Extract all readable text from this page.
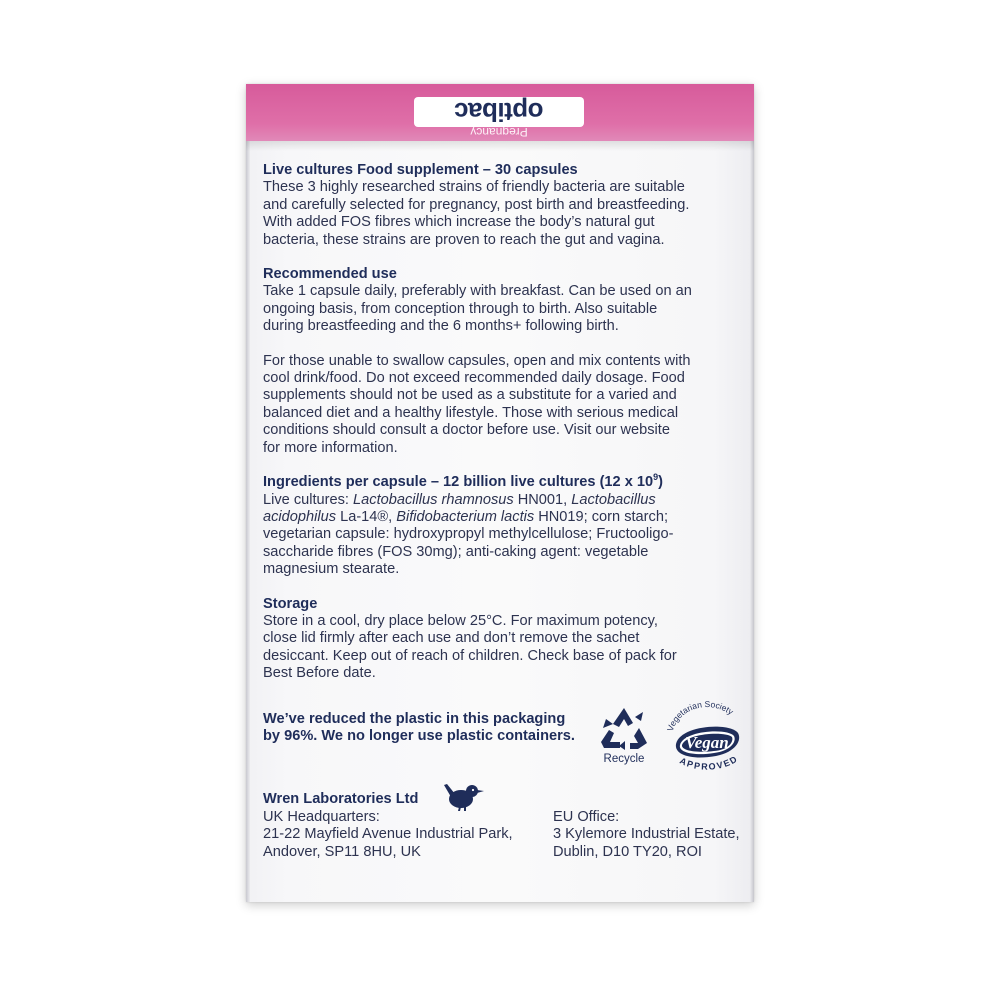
optibac
Pregnancy
Live cultures Food supplement – 30 capsules
These 3 highly researched strains of friendly bacteria are suitable
and carefully selected for pregnancy, post birth and breastfeeding.
With added FOS fibres which increase the body’s natural gut
bacteria, these strains are proven to reach the gut and vagina.
Recommended use
Take 1 capsule daily, preferably with breakfast. Can be used on an
ongoing basis, from conception through to birth. Also suitable
during breastfeeding and the 6 months+ following birth.
For those unable to swallow capsules, open and mix contents with
cool drink/food. Do not exceed recommended daily dosage. Food
supplements should not be used as a substitute for a varied and
balanced diet and a healthy lifestyle. Those with serious medical
conditions should consult a doctor before use. Visit our website
for more information.
Ingredients per capsule – 12 billion live cultures (12 x $10^9$)
Live cultures: Lactobacillus rhamnosus HN001, Lactobacillus
acidophilus La-14®, Bifidobacterium lactis HN019; corn starch;
vegetarian capsule: hydroxypropyl methylcellulose; Fructooligo-
saccharide fibres (FOS 30mg); anti-caking agent: vegetable
magnesium stearate.
Storage
Store in a cool, dry place below 25°C. For maximum potency,
close lid firmly after each use and don’t remove the sachet
desiccant. Keep out of reach of children. Check base of pack for
Best Before date.
We’ve reduced the plastic in this packaging
by 96%. We no longer use plastic containers.
Recycle
Vegetarian Society
Vegan
APPROVED
Wren Laboratories Ltd
UK Headquarters:
21-22 Mayfield Avenue Industrial Park,
Andover, SP11 8HU, UK
EU Office:
3 Kylemore Industrial Estate,
Dublin, D10 TY20, ROI
